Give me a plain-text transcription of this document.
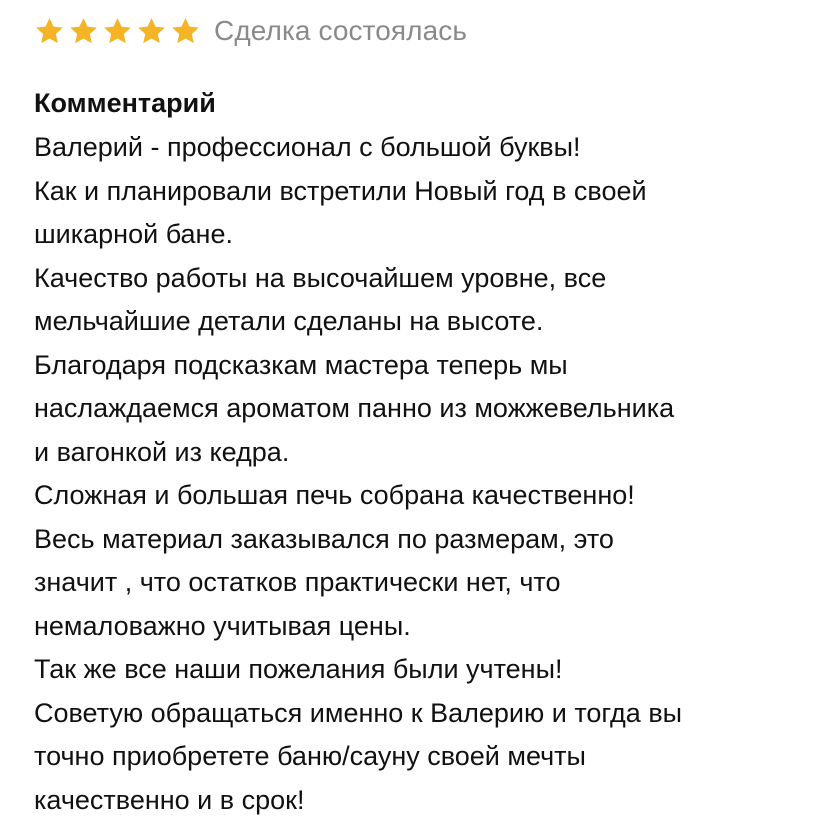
Сделка состоялась
Комментарий
Валерий - профессионал с большой буквы!
Как и планировали встретили Новый год в своей
шикарной бане.
Качество работы на высочайшем уровне, все
мельчайшие детали сделаны на высоте.
Благодаря подсказкам мастера теперь мы
наслаждаемся ароматом панно из можжевельника
и вагонкой из кедра.
Сложная и большая печь собрана качественно!
Весь материал заказывался по размерам, это
значит , что остатков практически нет, что
немаловажно учитывая цены.
Так же все наши пожелания были учтены!
Советую обращаться именно к Валерию и тогда вы
точно приобретете баню/сауну своей мечты
качественно и в срок!
